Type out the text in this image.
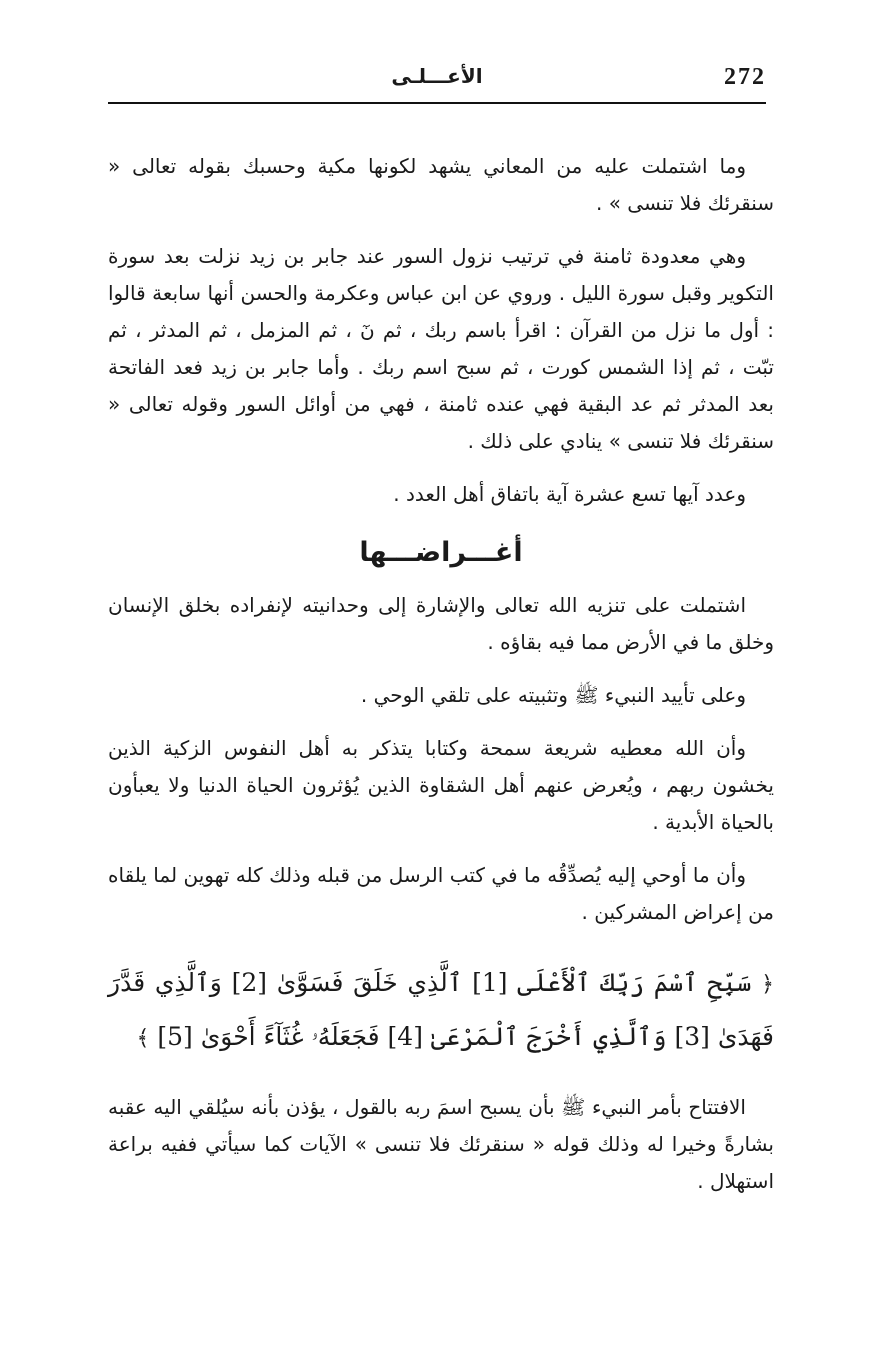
272
الأعـــلـى

وما اشتملت عليه من المعاني يشهد لكونها مكية وحسبك بقوله تعالى « سنقرئك فلا تنسى » .

وهي معدودة ثامنة في ترتيب نزول السور عند جابر بن زيد نزلت بعد سورة التكوير وقبل سورة الليل . وروي عن ابن عباس وعكرمة والحسن أنها سابعة قالوا : أول ما نزل من القرآن : اقرأ باسم ربك ، ثم نٓ ، ثم المزمل ، ثم المدثر ، ثم تبّت ، ثم إذا الشمس كورت ، ثم سبح اسم ربك . وأما جابر بن زيد فعد الفاتحة بعد المدثر ثم عد البقية فهي عنده ثامنة ، فهي من أوائل السور وقوله تعالى « سنقرئك فلا تنسى » ينادي على ذلك .

وعدد آيها تسع عشرة آية باتفاق أهل العدد .

أغـــراضـــها

اشتملت على تنزيه الله تعالى والإشارة إلى وحدانيته لإنفراده بخلق الإنسان وخلق ما في الأرض مما فيه بقاؤه .

وعلى تأييد النبيء ﷺ وتثبيته على تلقي الوحي .

وأن الله معطيه شريعة سمحة وكتابا يتذكر به أهل النفوس الزكية الذين يخشون ربهم ، ويُعرض عنهم أهل الشقاوة الذين يُؤثرون الحياة الدنيا ولا يعبأون بالحياة الأبدية .

وأن ما أوحي إليه يُصدِّقُه ما في كتب الرسل من قبله وذلك كله تهوين لما يلقاه من إعراض المشركين .

﴿ سَبِّحِ ٱسْمَ رَبِّكَ ٱلْأَعْلَى [1] ٱلَّذِي خَلَقَ فَسَوَّىٰ [2] وَٱلَّذِي قَدَّرَ فَهَدَىٰ [3] وَٱلَّذِي أَخْرَجَ ٱلْمَرْعَىٰ [4] فَجَعَلَهُۥ غُثَآءً أَحْوَىٰ [5] ﴾

الافتتاح بأمر النبيء ﷺ بأن يسبح اسمَ ربه بالقول ، يؤذن بأنه سيُلقي اليه عقبه بشارةً وخيرا له وذلك قوله « سنقرئك فلا تنسى » الآيات كما سيأتي ففيه براعة استهلال .
